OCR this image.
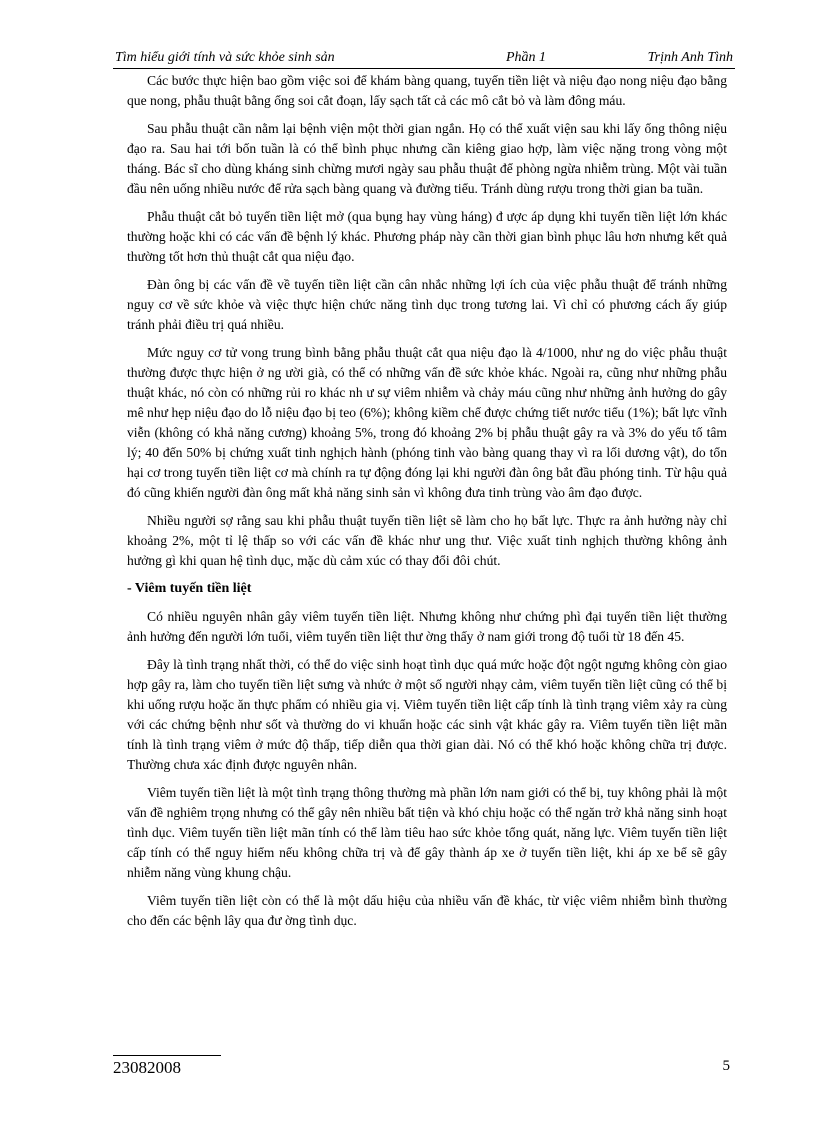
Tìm hiểu giới tính và sức khỏe sinh sản	Phần 1	Trịnh Anh Tình

Các bước thực hiện bao gồm việc soi để khám bàng quang, tuyến tiền liệt và niệu đạo nong niệu đạo bằng que nong, phẫu thuật bằng ống soi cắt đoạn, lấy sạch tất cả các mô cắt bỏ và làm đông máu.

Sau phẫu thuật cần nằm lại bệnh viện một thời gian ngắn. Họ có thể xuất viện sau khi lấy ống thông niệu đạo ra. Sau hai tới bốn tuần là có thể bình phục nhưng cần kiêng giao hợp, làm việc nặng trong vòng một tháng. Bác sĩ cho dùng kháng sinh chừng mươi ngày sau phẫu thuật để phòng ngừa nhiễm trùng. Một vài tuần đầu nên uống nhiều nước để rửa sạch bàng quang và đường tiểu. Tránh dùng rượu trong thời gian ba tuần.

Phẫu thuật cắt bỏ tuyến tiền liệt mở (qua bụng hay vùng háng) đ ược áp dụng khi tuyến tiền liệt lớn khác thường hoặc khi có các vấn đề bệnh lý khác. Phương pháp này cần thời gian bình phục lâu hơn nhưng kết quả thường tốt hơn thủ thuật cắt qua niệu đạo.

Đàn ông bị các vấn đề về tuyến tiền liệt cần cân nhắc những lợi ích của việc phẫu thuật để tránh những nguy cơ về sức khỏe và việc thực hiện chức năng tình dục trong tương lai. Vì chỉ có phương cách ấy giúp tránh phải điều trị quá nhiều.

Mức nguy cơ tử vong trung bình bằng phẫu thuật cắt qua niệu đạo là 4/1000, như ng do việc phẫu thuật thường được thực hiện ở ng ười già, có thể có những vấn đề sức khỏe khác. Ngoài ra, cũng như những phẫu thuật khác, nó còn có những rủi ro khác nh ư sự viêm nhiễm và chảy máu cũng như những ảnh hưởng do gây mê như hẹp niệu đạo do lỗ niệu đạo bị teo (6%); không kiềm chế được chứng tiết nước tiểu (1%); bất lực vĩnh viễn (không có khả năng cương) khoảng 5%, trong đó khoảng 2% bị phẫu thuật gây ra và 3% do yếu tố tâm lý; 40 đến 50% bị chứng xuất tinh nghịch hành (phóng tinh vào bàng quang thay vì ra lối dương vật), do tổn hại cơ trong tuyến tiền liệt cơ mà chính ra tự động đóng lại khi người đàn ông bắt đầu phóng tinh. Từ hậu quả đó cũng khiến người đàn ông mất khả năng sinh sản vì không đưa tinh trùng vào âm đạo được.

Nhiều người sợ rằng sau khi phẫu thuật tuyến tiền liệt sẽ làm cho họ bất lực. Thực ra ảnh hưởng này chỉ khoảng 2%, một tỉ lệ thấp so với các vấn đề khác như ung thư. Việc xuất tinh nghịch thường không ảnh hưởng gì khi quan hệ tình dục, mặc dù cảm xúc có thay đổi đôi chút.

- Viêm tuyến tiền liệt

Có nhiều nguyên nhân gây viêm tuyến tiền liệt. Nhưng không như chứng phì đại tuyến tiền liệt thường ảnh hưởng đến người lớn tuổi, viêm tuyến tiền liệt thư ờng thấy ở nam giới trong độ tuổi từ 18 đến 45.

Đây là tình trạng nhất thời, có thể do việc sinh hoạt tình dục quá mức hoặc đột ngột ngưng không còn giao hợp gây ra, làm cho tuyến tiền liệt sưng và nhức ở một số người nhạy cảm, viêm tuyến tiền liệt cũng có thể bị khi uống rượu hoặc ăn thực phẩm có nhiều gia vị. Viêm tuyến tiền liệt cấp tính là tình trạng viêm xảy ra cùng với các chứng bệnh như sốt và thường do vi khuẩn hoặc các sinh vật khác gây ra. Viêm tuyến tiền liệt mãn tính là tình trạng viêm ở mức độ thấp, tiếp diễn qua thời gian dài. Nó có thể khó hoặc không chữa trị được. Thường chưa xác định được nguyên nhân.

Viêm tuyến tiền liệt là một tình trạng thông thường mà phần lớn nam giới có thể bị, tuy không phải là một vấn đề nghiêm trọng nhưng có thể gây nên nhiều bất tiện và khó chịu hoặc có thể ngăn trở khả năng sinh hoạt tình dục. Viêm tuyến tiền liệt mãn tính có thể làm tiêu hao sức khỏe tổng quát, năng lực. Viêm tuyến tiền liệt cấp tính có thể nguy hiểm nếu không chữa trị và để gây thành áp xe ở tuyến tiền liệt, khi áp xe bể sẽ gây nhiễm năng vùng khung chậu.

Viêm tuyến tiền liệt còn có thể là một dấu hiệu của nhiều vấn đề khác, từ việc viêm nhiễm bình thường cho đến các bệnh lây qua đư ờng tình dục.

23082008	5
